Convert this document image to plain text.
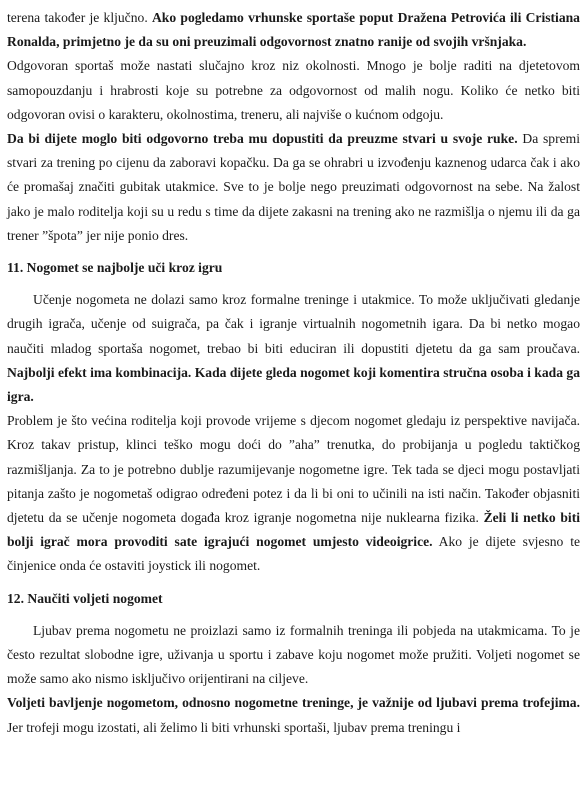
terena također je ključno. Ako pogledamo vrhunske sportaše poput Dražena Petrovića ili Cristiana Ronalda, primjetno je da su oni preuzimali odgovornost znatno ranije od svojih vršnjaka.

Odgovoran sportaš može nastati slučajno kroz niz okolnosti. Mnogo je bolje raditi na djetetovom samopouzdanju i hrabrosti koje su potrebne za odgovornost od malih nogu. Koliko će netko biti odgovoran ovisi o karakteru, okolnostima, treneru, ali najviše o kućnom odgoju.

Da bi dijete moglo biti odgovorno treba mu dopustiti da preuzme stvari u svoje ruke. Da spremi stvari za trening po cijenu da zaboravi kopačku. Da ga se ohrabri u izvođenju kaznenog udarca čak i ako će promašaj značiti gubitak utakmice. Sve to je bolje nego preuzimati odgovornost na sebe. Na žalost jako je malo roditelja koji su u redu s time da dijete zakasni na trening ako ne razmišlja o njemu ili da ga trener ”špota” jer nije ponio dres.

11. Nogomet se najbolje uči kroz igru

Učenje nogometa ne dolazi samo kroz formalne treninge i utakmice. To može uključivati gledanje drugih igrača, učenje od suigrača, pa čak i igranje virtualnih nogometnih igara. Da bi netko mogao naučiti mladog sportaša nogomet, trebao bi biti educiran ili dopustiti djetetu da ga sam proučava. Najbolji efekt ima kombinacija. Kada dijete gleda nogomet koji komentira stručna osoba i kada ga igra.

Problem je što većina roditelja koji provode vrijeme s djecom nogomet gledaju iz perspektive navijača. Kroz takav pristup, klinci teško mogu doći do ”aha” trenutka, do probijanja u pogledu taktičkog razmišljanja. Za to je potrebno dublje razumijevanje nogometne igre. Tek tada se djeci mogu postavljati pitanja zašto je nogometaš odigrao određeni potez i da li bi oni to učinili na isti način. Također objasniti djetetu da se učenje nogometa događa kroz igranje nogometna nije nuklearna fizika. Želi li netko biti bolji igrač mora provoditi sate igrajući nogomet umjesto videoigrice. Ako je dijete svjesno te činjenice onda će ostaviti joystick ili nogomet.

12. Naučiti voljeti nogomet

Ljubav prema nogometu ne proizlazi samo iz formalnih treninga ili pobjeda na utakmicama. To je često rezultat slobodne igre, uživanja u sportu i zabave koju nogomet može pružiti. Voljeti nogomet se može samo ako nismo isključivo orijentirani na ciljeve.

Voljeti bavljenje nogometom, odnosno nogometne treninge, je važnije od ljubavi prema trofejima. Jer trofeji mogu izostati, ali želimo li biti vrhunski sportaši, ljubav prema treningu i
